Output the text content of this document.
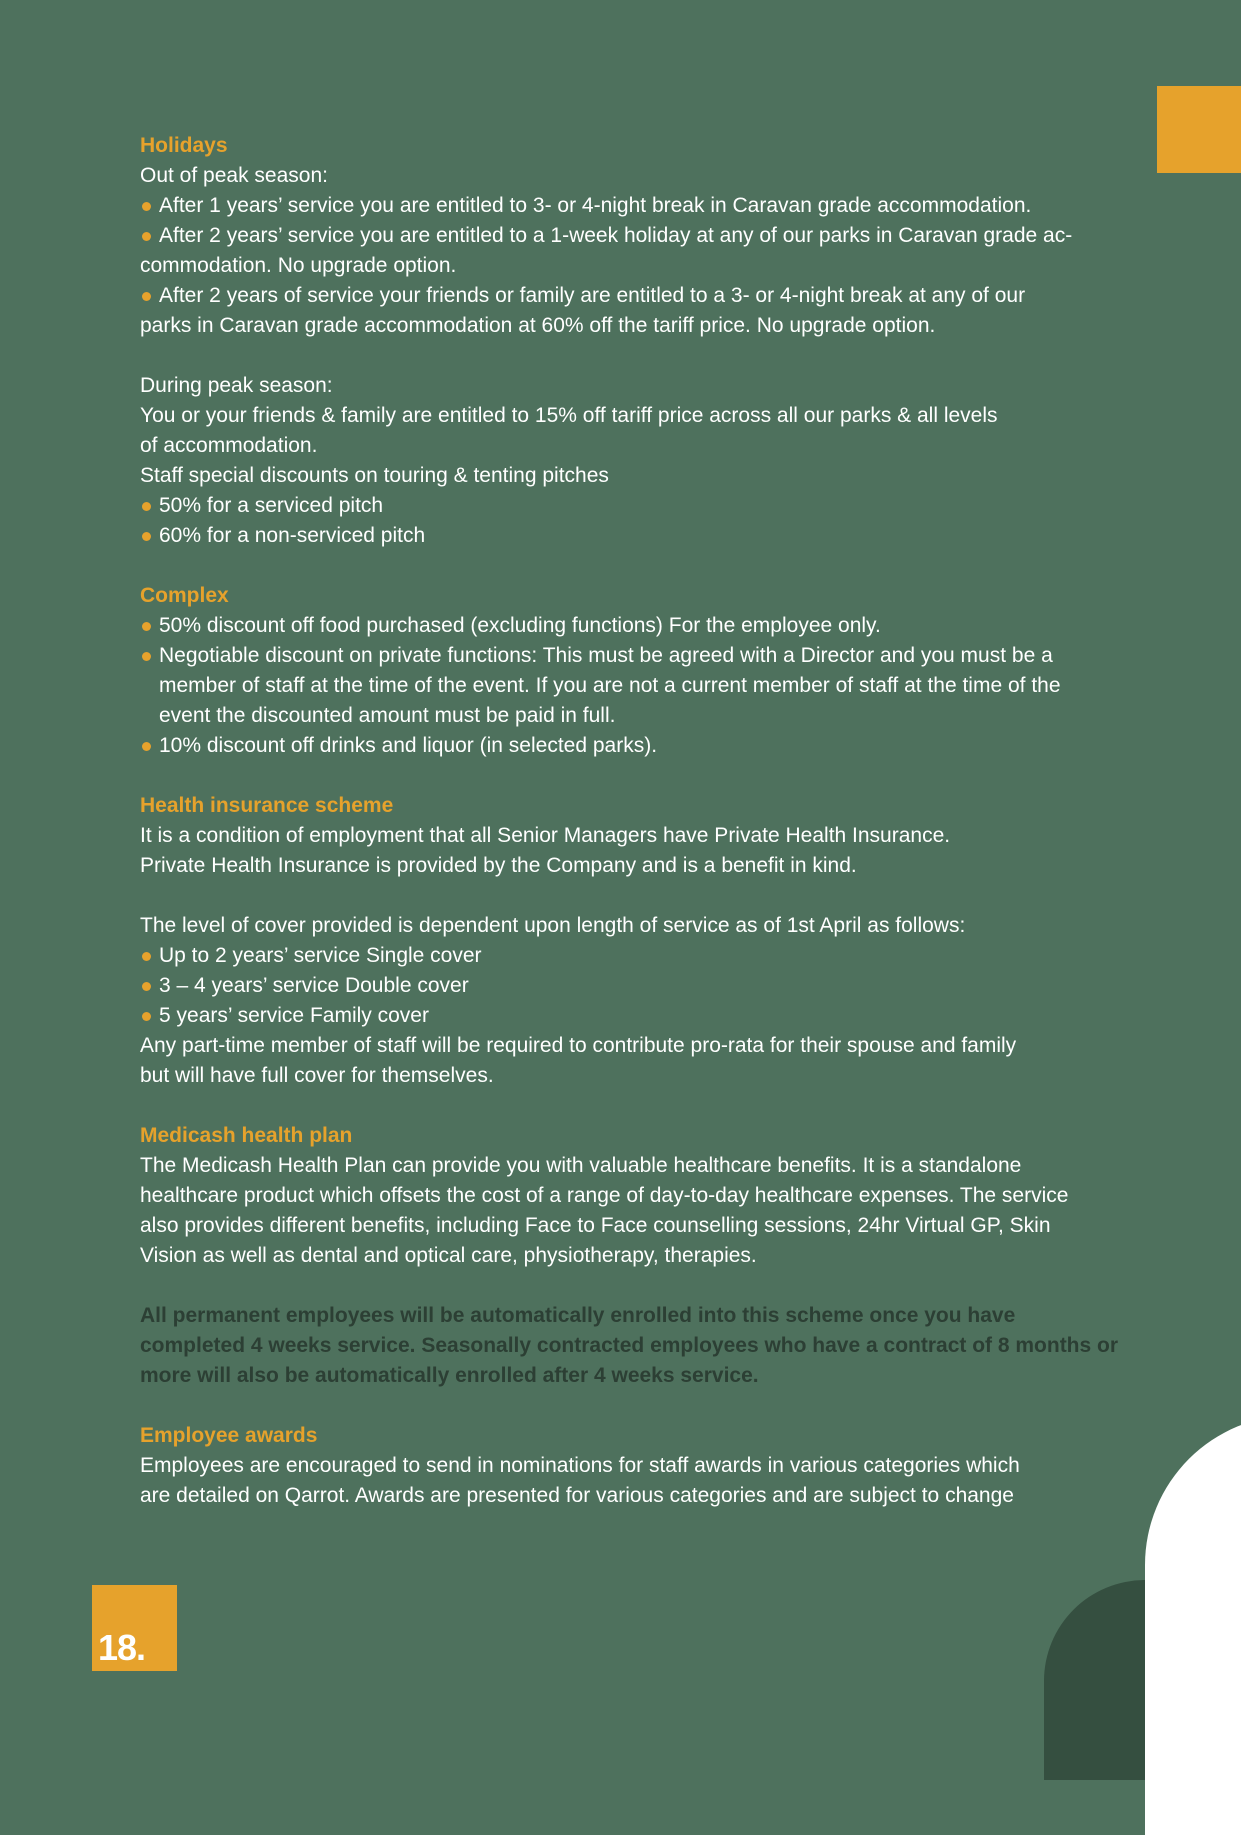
18.
Holidays
Out of peak season:
After 1 years’ service you are entitled to 3- or 4-night break in Caravan grade accommodation.
After 2 years’ service you are entitled to a 1-week holiday at any of our parks in Caravan grade ac-commodation. No upgrade option.
After 2 years of service your friends or family are entitled to a 3- or 4-night break at any of our parks in Caravan grade accommodation at 60% off the tariff price. No upgrade option.
During peak season:
You or your friends & family are entitled to 15% off tariff price across all our parks & all levels of accommodation.
Staff special discounts on touring & tenting pitches
50% for a serviced pitch
60% for a non-serviced pitch
Complex
50% discount off food purchased (excluding functions) For the employee only.
Negotiable discount on private functions: This must be agreed with a Director and you must be a member of staff at the time of the event. If you are not a current member of staff at the time of the event the discounted amount must be paid in full.
10% discount off drinks and liquor (in selected parks).
Health insurance scheme
It is a condition of employment that all Senior Managers have Private Health Insurance.
Private Health Insurance is provided by the Company and is a benefit in kind.
The level of cover provided is dependent upon length of service as of 1st April as follows:
Up to 2 years’ service Single cover
3 – 4 years’ service Double cover
5 years’ service Family cover
Any part-time member of staff will be required to contribute pro-rata for their spouse and family but will have full cover for themselves.
Medicash health plan
The Medicash Health Plan can provide you with valuable healthcare benefits. It is a standalone healthcare product which offsets the cost of a range of day-to-day healthcare expenses. The service also provides different benefits, including Face to Face counselling sessions, 24hr Virtual GP, Skin Vision as well as dental and optical care, physiotherapy, therapies.
All permanent employees will be automatically enrolled into this scheme once you have completed 4 weeks service. Seasonally contracted employees who have a contract of 8 months or more will also be automatically enrolled after 4 weeks service.
Employee awards
Employees are encouraged to send in nominations for staff awards in various categories which are detailed on Qarrot. Awards are presented for various categories and are subject to change
